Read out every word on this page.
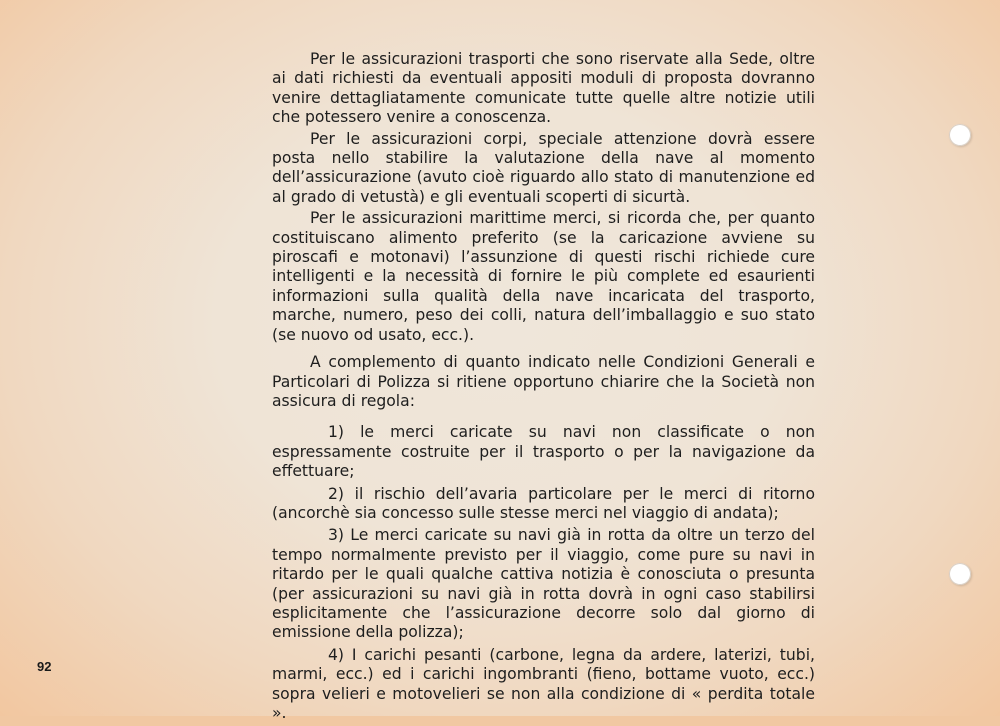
Per le assicurazioni trasporti che sono riservate alla Sede, oltre ai dati richiesti da eventuali appositi moduli di proposta dovranno venire dettagliatamente comunicate tutte quelle altre notizie utili che potessero venire a conoscenza.

Per le assicurazioni corpi, speciale attenzione dovrà essere posta nello stabilire la valutazione della nave al momento dell’assicurazione (avuto cioè riguardo allo stato di manutenzione ed al grado di vetustà) e gli eventuali scoperti di sicurtà.

Per le assicurazioni marittime merci, si ricorda che, per quanto costituiscano alimento preferito (se la caricazione avviene su piroscafi e motonavi) l’assunzione di questi rischi richiede cure intelligenti e la necessità di fornire le più complete ed esaurienti informazioni sulla qualità della nave incaricata del trasporto, marche, numero, peso dei colli, natura dell’imballaggio e suo stato (se nuovo od usato, ecc.).

A complemento di quanto indicato nelle Condizioni Generali e Particolari di Polizza si ritiene opportuno chiarire che la Società non assicura di regola:

1) le merci caricate su navi non classificate o non espressamente costruite per il trasporto o per la navigazione da effettuare;

2) il rischio dell’avaria particolare per le merci di ritorno (ancorchè sia concesso sulle stesse merci nel viaggio di andata);

3) Le merci caricate su navi già in rotta da oltre un terzo del tempo normalmente previsto per il viaggio, come pure su navi in ritardo per le quali qualche cattiva notizia è conosciuta o presunta (per assicurazioni su navi già in rotta dovrà in ogni caso stabilirsi esplicitamente che l’assicurazione decorre solo dal giorno di emissione della polizza);

4) I carichi pesanti (carbone, legna da ardere, laterizi, tubi, marmi, ecc.) ed i carichi ingombranti (fieno, bottame vuoto, ecc.) sopra velieri e motovelieri se non alla condizione di « perdita totale ».

92
